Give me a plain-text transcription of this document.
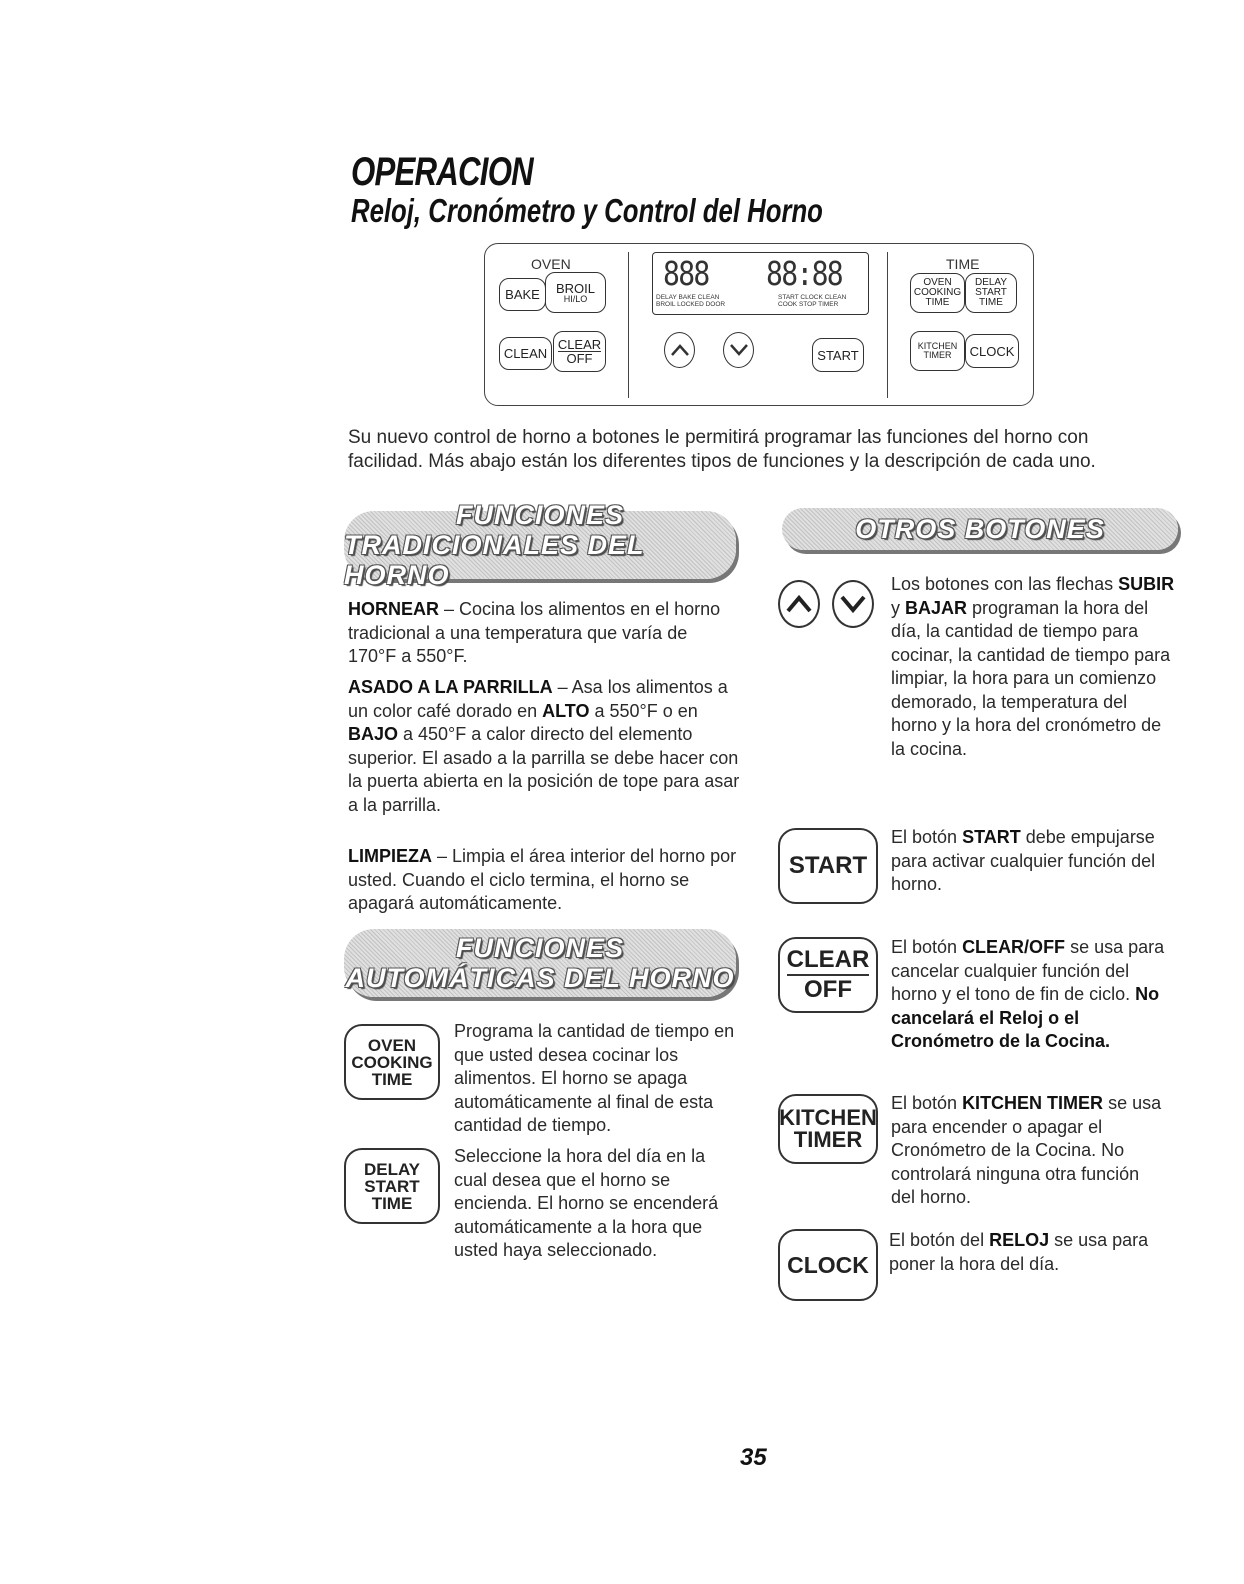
OPERACION
Reloj, Cronómetro y Control del Horno
OVEN
BAKE BROIL
HI/LO
CLEAN
CLEAR
OFF
888 88:88
DELAY BAKE CLEAN
BROIL LOCKED DOOR
START CLOCK CLEAN
COOK STOP TIMER
START
TIME
OVEN
COOKING
TIME
DELAY
START
TIME
KITCHEN
TIMER CLOCK
Su nuevo control de horno a botones le permitirá programar las funciones del horno con facilidad. Más abajo están los diferentes tipos de funciones y la descripción de cada uno.
FUNCIONES
TRADICIONALES DEL HORNO
HORNEAR – Cocina los alimentos en el horno tradicional a una temperatura que varía de 170°F a 550°F.
ASADO A LA PARRILLA – Asa los alimentos a un color café dorado en ALTO a 550°F o en BAJO a 450°F a calor directo del elemento superior. El asado a la parrilla se debe hacer con la puerta abierta en la posición de tope para asar a la parrilla.
LIMPIEZA – Limpia el área interior del horno por usted. Cuando el ciclo termina, el horno se apagará automáticamente.
FUNCIONES
AUTOMÁTICAS DEL HORNO
OVEN
COOKING
TIME
Programa la cantidad de tiempo en que usted desea cocinar los alimentos. El horno se apaga automáticamente al final de esta cantidad de tiempo.
DELAY
START
TIME
Seleccione la hora del día en la cual desea que el horno se encienda. El horno se encenderá automáticamente a la hora que usted haya seleccionado.
OTROS BOTONES
Los botones con las flechas SUBIR y BAJAR programan la hora del día, la cantidad de tiempo para cocinar, la cantidad de tiempo para limpiar, la hora para un comienzo demorado, la temperatura del horno y la hora del cronómetro de la cocina.
START
El botón START debe empujarse para activar cualquier función del horno.
CLEAR
OFF
El botón CLEAR/OFF se usa para cancelar cualquier función del horno y el tono de fin de ciclo. No cancelará el Reloj o el Cronómetro de la Cocina.
KITCHEN
TIMER
El botón KITCHEN TIMER se usa para encender o apagar el Cronómetro de la Cocina. No controlará ninguna otra función del horno.
CLOCK
El botón del RELOJ se usa para poner la hora del día.
35
